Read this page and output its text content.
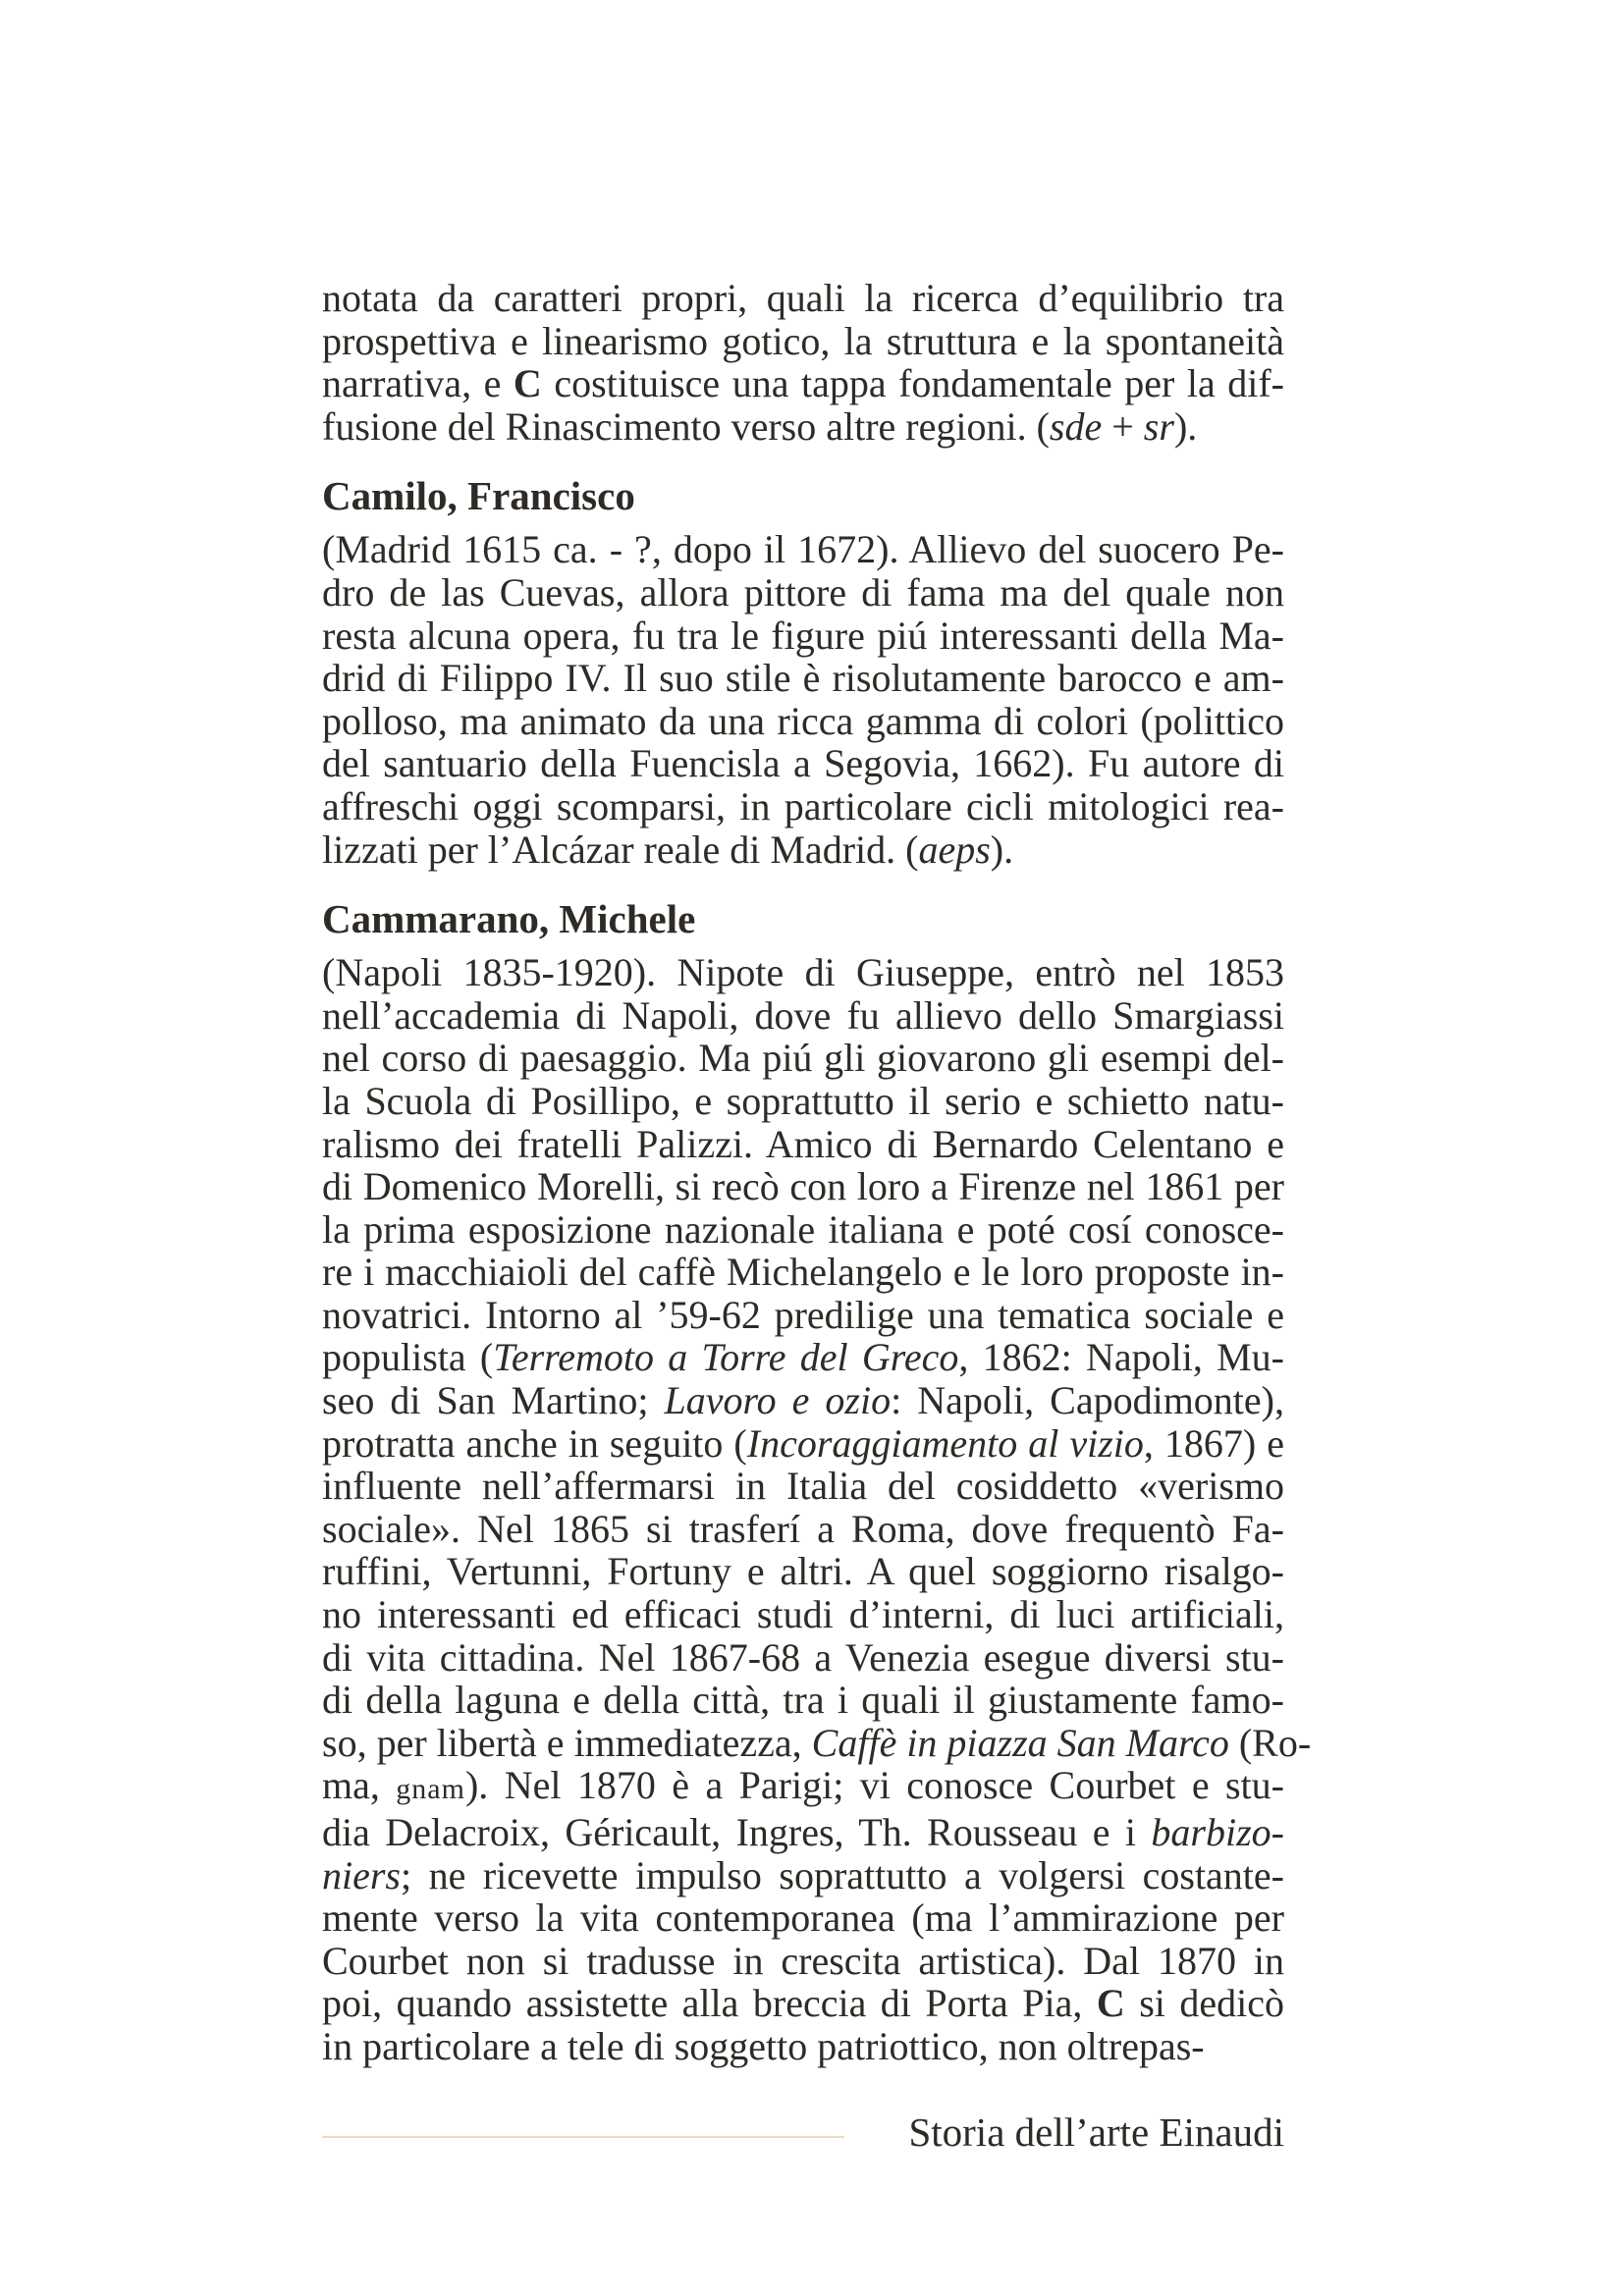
notata da caratteri propri, quali la ricerca d’equilibrio tra
prospettiva e linearismo gotico, la struttura e la spontaneità
narrativa, e C costituisce una tappa fondamentale per la dif-
fusione del Rinascimento verso altre regioni. (sde + sr).
Camilo, Francisco
(Madrid 1615 ca. - ?, dopo il 1672). Allievo del suocero Pe-
dro de las Cuevas, allora pittore di fama ma del quale non
resta alcuna opera, fu tra le figure piú interessanti della Ma-
drid di Filippo IV. Il suo stile è risolutamente barocco e am-
polloso, ma animato da una ricca gamma di colori (polittico
del santuario della Fuencisla a Segovia, 1662). Fu autore di
affreschi oggi scomparsi, in particolare cicli mitologici rea-
lizzati per l’Alcázar reale di Madrid. (aeps).
Cammarano, Michele
(Napoli 1835-1920). Nipote di Giuseppe, entrò nel 1853
nell’accademia di Napoli, dove fu allievo dello Smargiassi
nel corso di paesaggio. Ma piú gli giovarono gli esempi del-
la Scuola di Posillipo, e soprattutto il serio e schietto natu-
ralismo dei fratelli Palizzi. Amico di Bernardo Celentano e
di Domenico Morelli, si recò con loro a Firenze nel 1861 per
la prima esposizione nazionale italiana e poté cosí conosce-
re i macchiaioli del caffè Michelangelo e le loro proposte in-
novatrici. Intorno al ’59-62 predilige una tematica sociale e
populista (Terremoto a Torre del Greco, 1862: Napoli, Mu-
seo di San Martino; Lavoro e ozio: Napoli, Capodimonte),
protratta anche in seguito (Incoraggiamento al vizio, 1867) e
influente nell’affermarsi in Italia del cosiddetto «verismo
sociale». Nel 1865 si trasferí a Roma, dove frequentò Fa-
ruffini, Vertunni, Fortuny e altri. A quel soggiorno risalgo-
no interessanti ed efficaci studi d’interni, di luci artificiali,
di vita cittadina. Nel 1867-68 a Venezia esegue diversi stu-
di della laguna e della città, tra i quali il giustamente famo-
so, per libertà e immediatezza, Caffè in piazza San Marco (Ro-
ma, gnam). Nel 1870 è a Parigi; vi conosce Courbet e stu-
dia Delacroix, Géricault, Ingres, Th. Rousseau e i barbizo-
niers; ne ricevette impulso soprattutto a volgersi costante-
mente verso la vita contemporanea (ma l’ammirazione per
Courbet non si tradusse in crescita artistica). Dal 1870 in
poi, quando assistette alla breccia di Porta Pia, C si dedicò
in particolare a tele di soggetto patriottico, non oltrepas-
Storia dell’arte Einaudi
